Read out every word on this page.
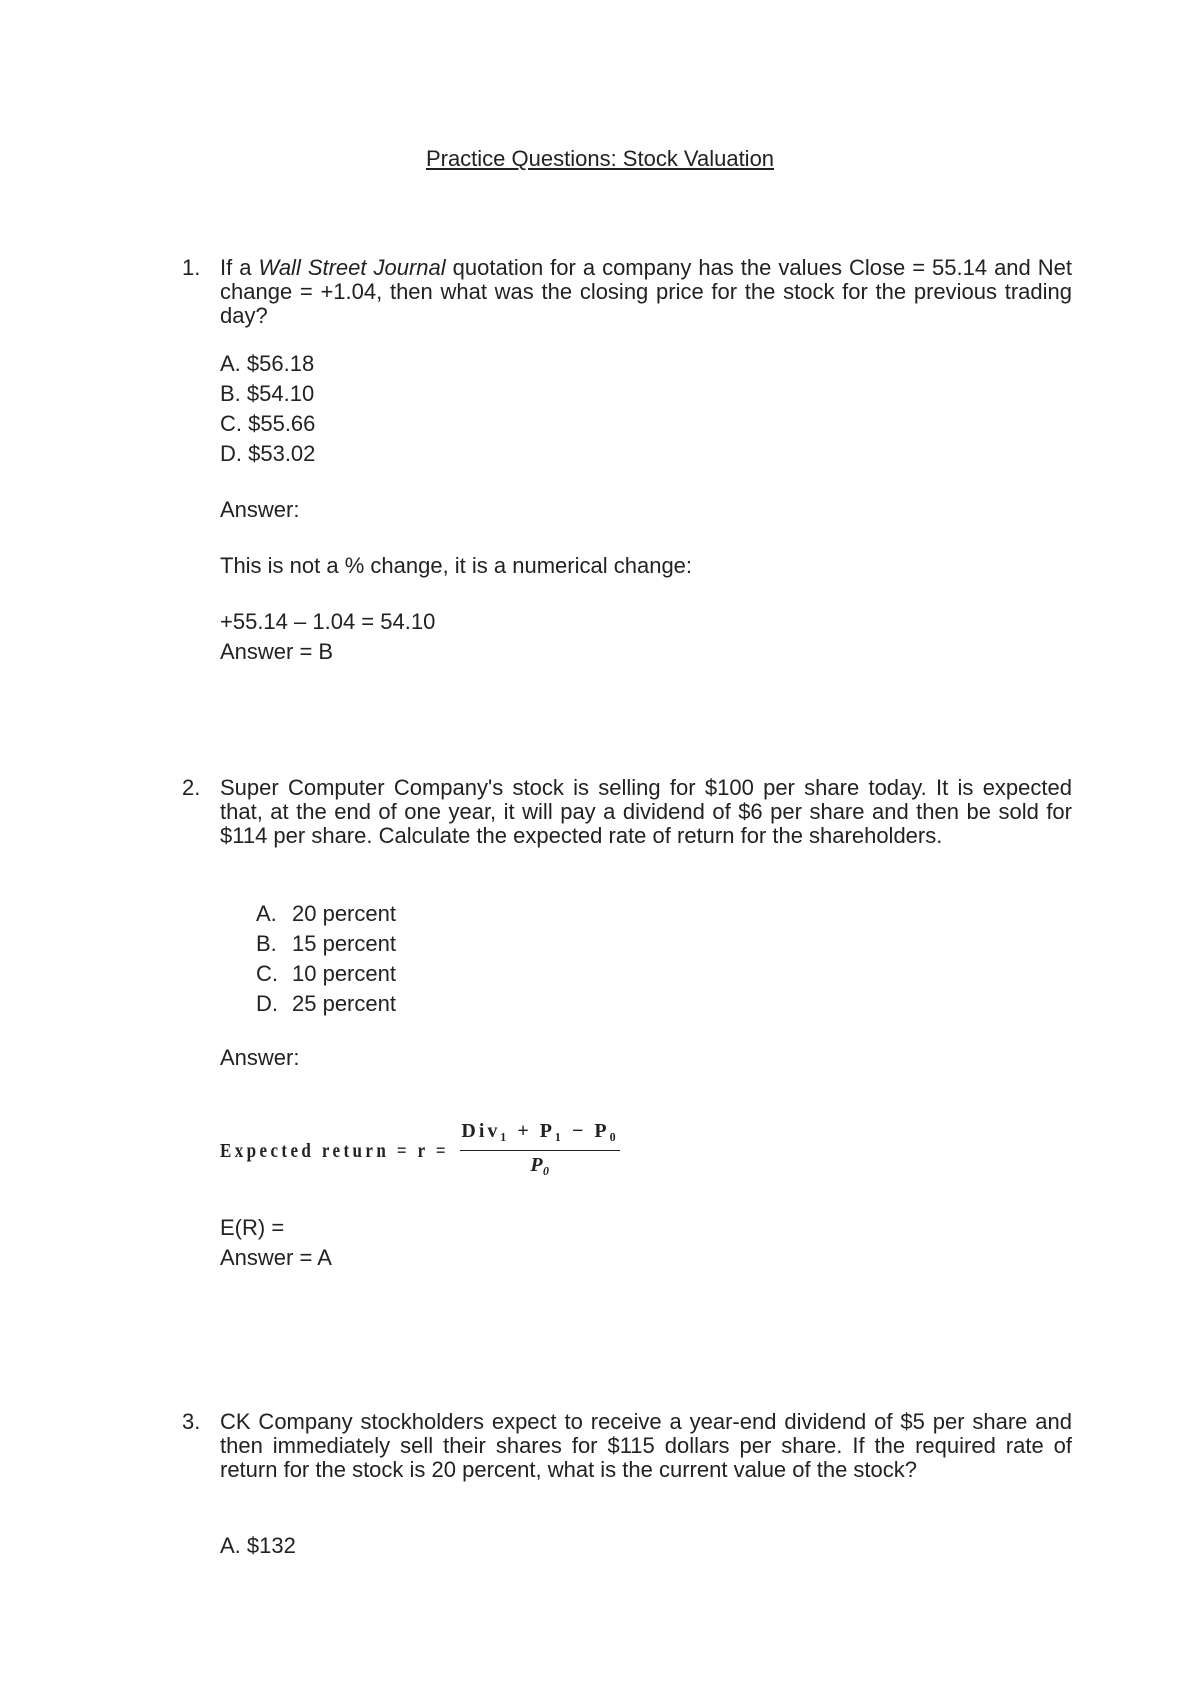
Practice Questions: Stock Valuation
1. If a Wall Street Journal quotation for a company has the values Close = 55.14 and Net change = +1.04, then what was the closing price for the stock for the previous trading day?
A. $56.18
B. $54.10
C. $55.66
D. $53.02
Answer:
This is not a % change, it is a numerical change:
+55.14 – 1.04 = 54.10
Answer = B
2. Super Computer Company's stock is selling for $100 per share today. It is expected that, at the end of one year, it will pay a dividend of $6 per share and then be sold for $114 per share. Calculate the expected rate of return for the shareholders.
A. 20 percent
B. 15 percent
C. 10 percent
D. 25 percent
Answer:
Expected return = r =
Div₁ + P₁ − P₀
P₀
E(R) =
Answer = A
3. CK Company stockholders expect to receive a year-end dividend of $5 per share and then immediately sell their shares for $115 dollars per share. If the required rate of return for the stock is 20 percent, what is the current value of the stock?
A. $132
